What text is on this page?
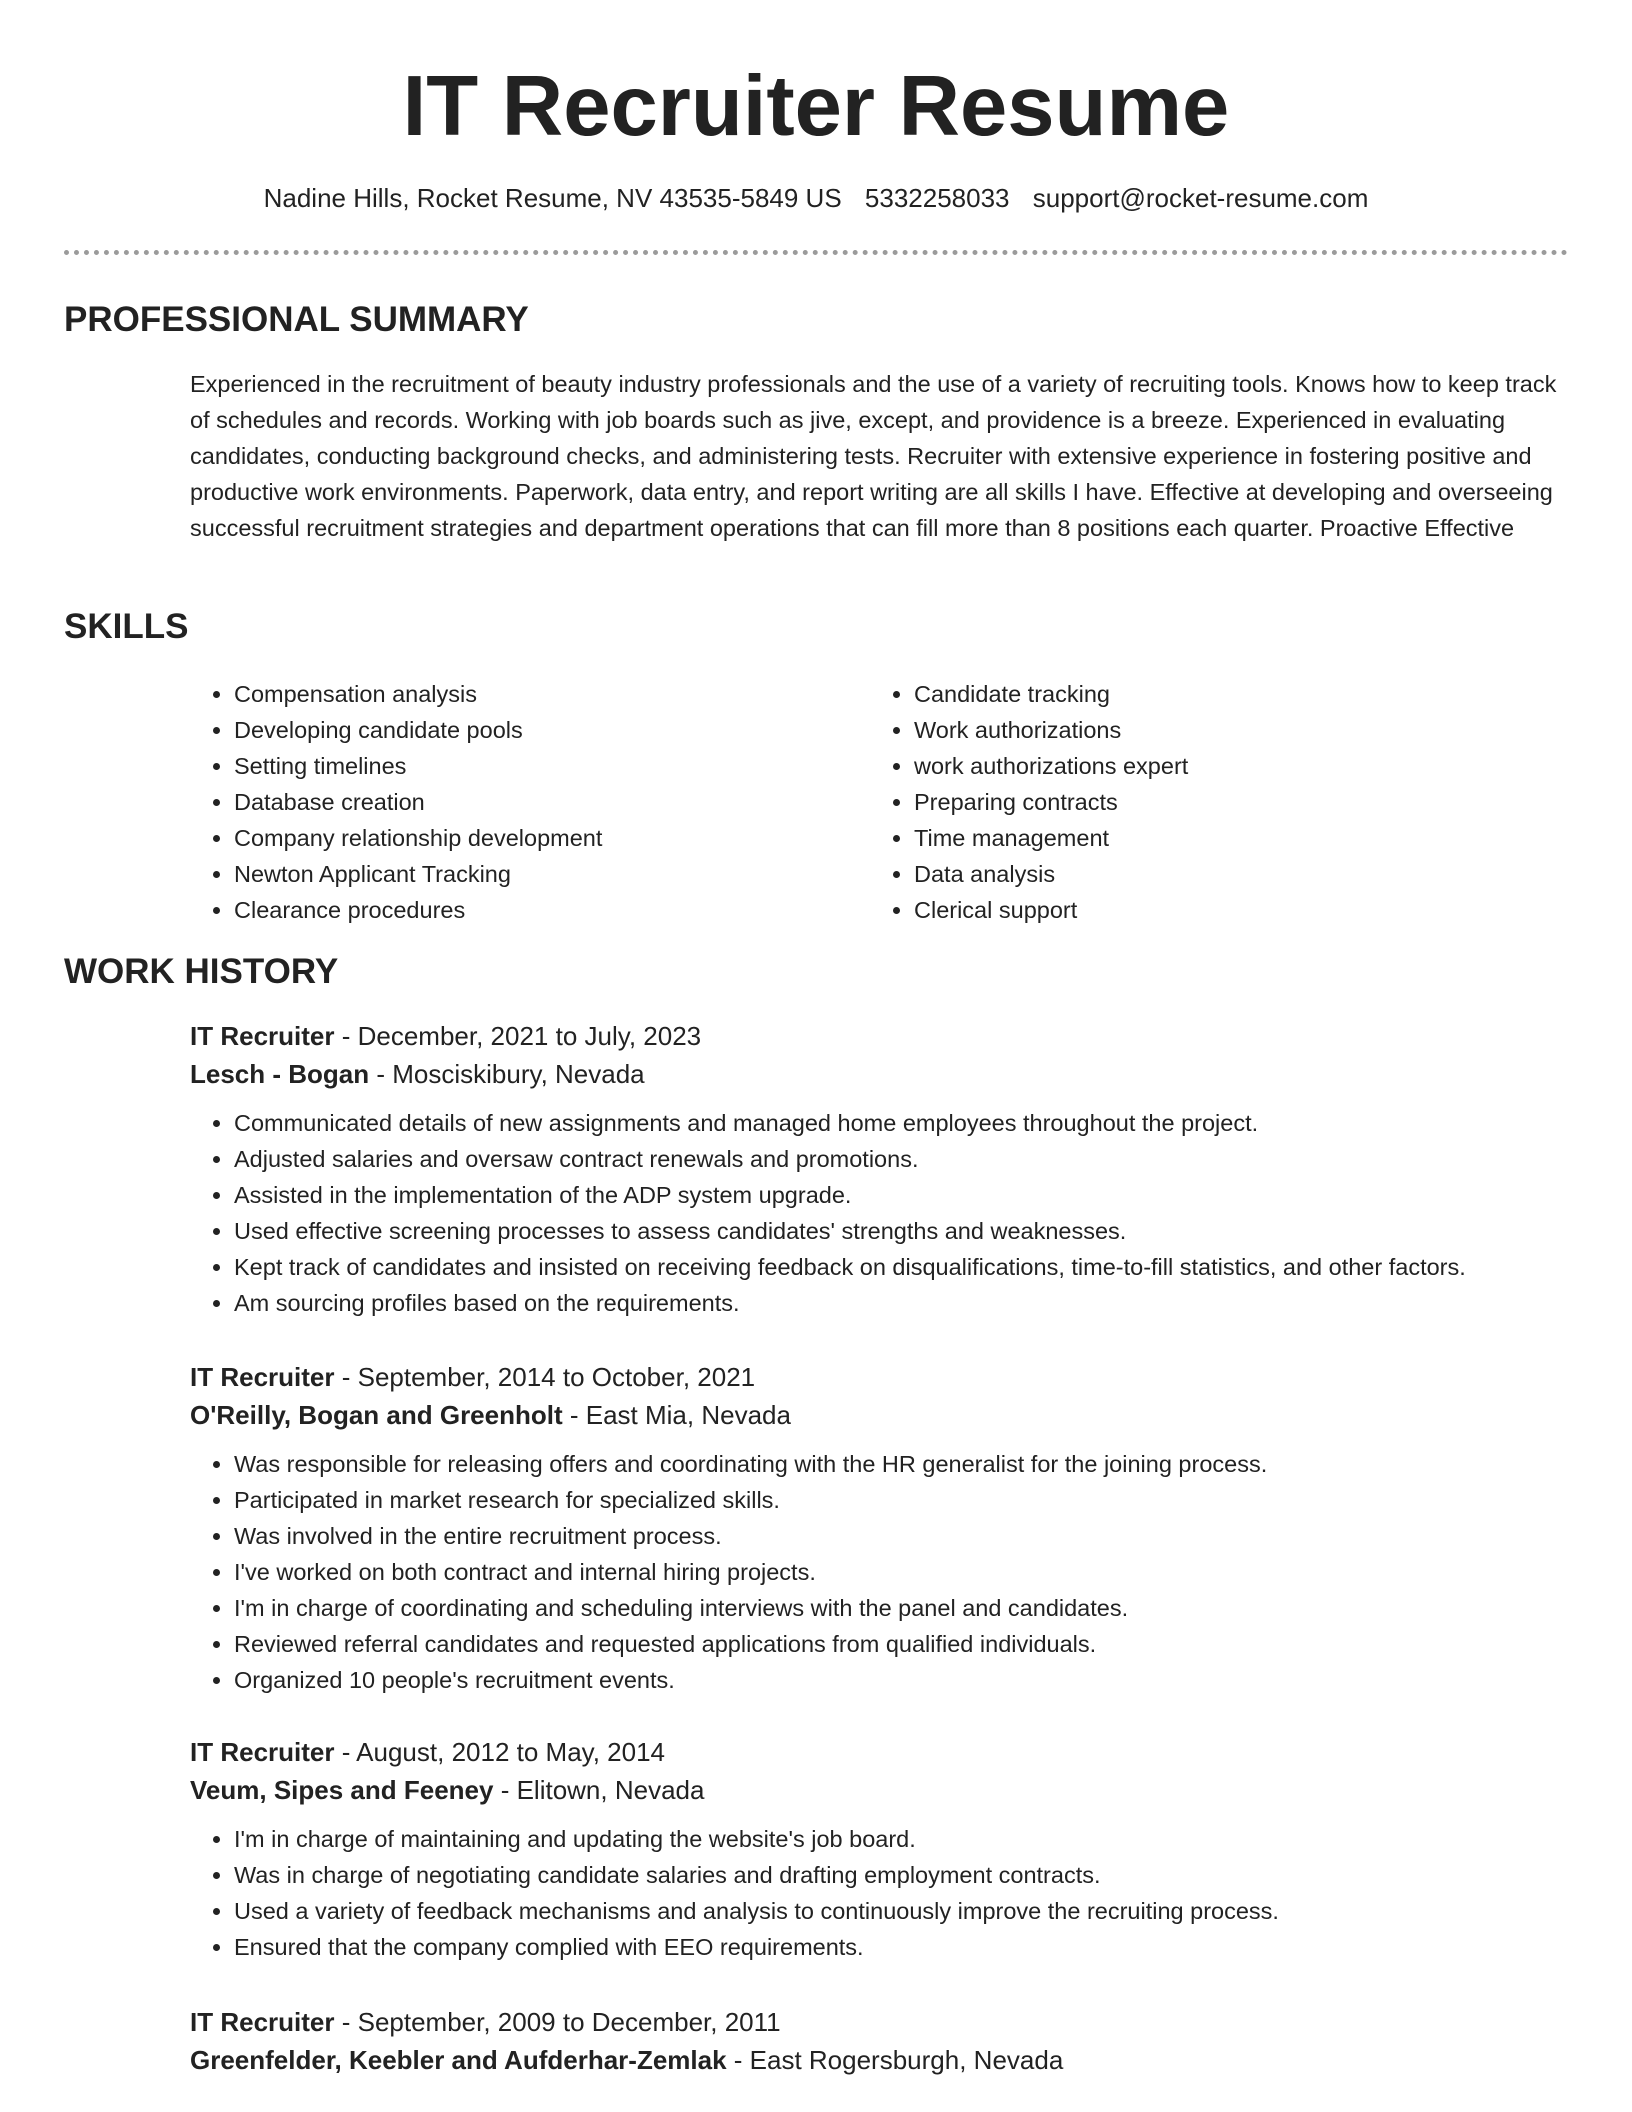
IT Recruiter Resume
Nadine Hills, Rocket Resume, NV 43535-5849 US 5332258033 support@rocket-resume.com
PROFESSIONAL SUMMARY

Experienced in the recruitment of beauty industry professionals and the use of a variety of recruiting tools. Knows how to keep track of schedules and records. Working with job boards such as jive, except, and providence is a breeze. Experienced in evaluating candidates, conducting background checks, and administering tests. Recruiter with extensive experience in fostering positive and productive work environments. Paperwork, data entry, and report writing are all skills I have. Effective at developing and overseeing successful recruitment strategies and department operations that can fill more than 8 positions each quarter. Proactive Effective

SKILLS
• Compensation analysis
• Developing candidate pools
• Setting timelines
• Database creation
• Company relationship development
• Newton Applicant Tracking
• Clearance procedures
• Candidate tracking
• Work authorizations
• work authorizations expert
• Preparing contracts
• Time management
• Data analysis
• Clerical support
WORK HISTORY
IT Recruiter - December, 2021 to July, 2023
Lesch - Bogan - Mosciskibury, Nevada
• Communicated details of new assignments and managed home employees throughout the project.
• Adjusted salaries and oversaw contract renewals and promotions.
• Assisted in the implementation of the ADP system upgrade.
• Used effective screening processes to assess candidates' strengths and weaknesses.
• Kept track of candidates and insisted on receiving feedback on disqualifications, time-to-fill statistics, and other factors.
• Am sourcing profiles based on the requirements.
IT Recruiter - September, 2014 to October, 2021
O'Reilly, Bogan and Greenholt - East Mia, Nevada
• Was responsible for releasing offers and coordinating with the HR generalist for the joining process.
• Participated in market research for specialized skills.
• Was involved in the entire recruitment process.
• I've worked on both contract and internal hiring projects.
• I'm in charge of coordinating and scheduling interviews with the panel and candidates.
• Reviewed referral candidates and requested applications from qualified individuals.
• Organized 10 people's recruitment events.
IT Recruiter - August, 2012 to May, 2014
Veum, Sipes and Feeney - Elitown, Nevada
• I'm in charge of maintaining and updating the website's job board.
• Was in charge of negotiating candidate salaries and drafting employment contracts.
• Used a variety of feedback mechanisms and analysis to continuously improve the recruiting process.
• Ensured that the company complied with EEO requirements.
IT Recruiter - September, 2009 to December, 2011
Greenfelder, Keebler and Aufderhar-Zemlak - East Rogersburgh, Nevada
